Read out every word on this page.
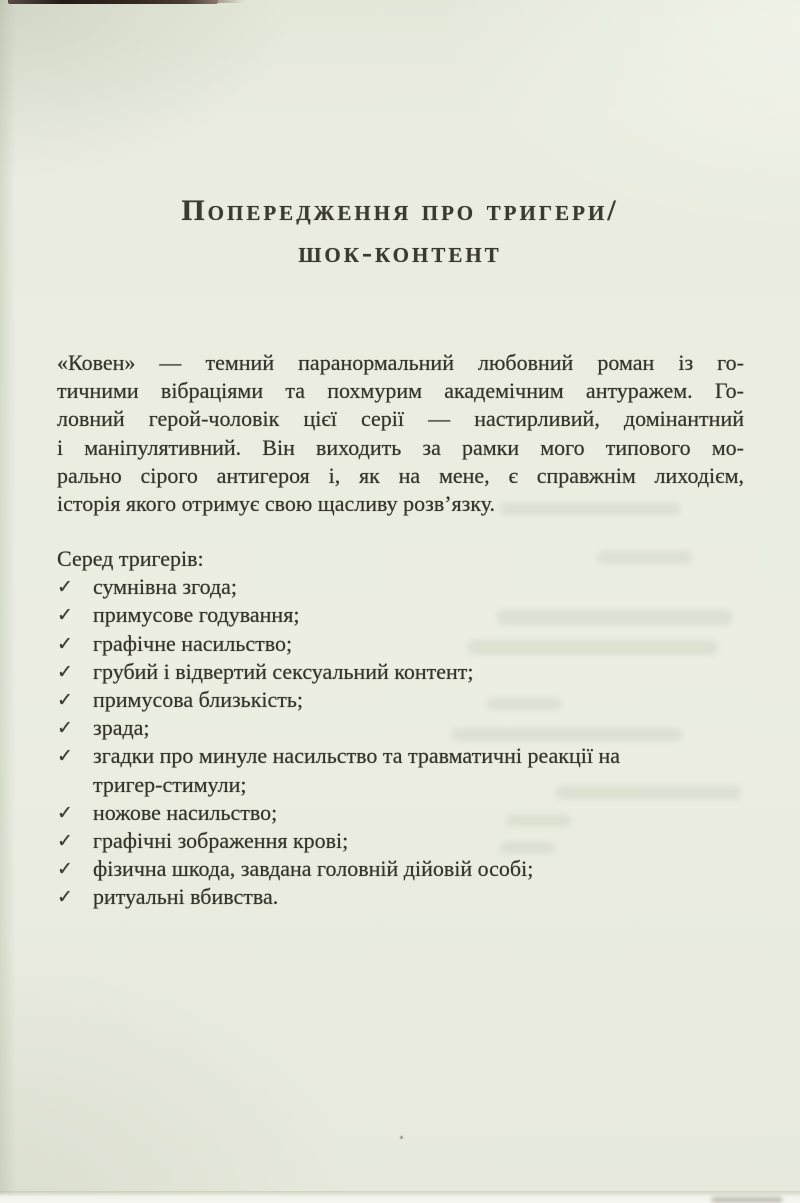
Попередження про тригери/
шок-контент
«Ковен» — темний паранормальний любовний роман із го-
тичними вібраціями та похмурим академічним антуражем. Го-
ловний герой-чоловік цієї серії — настирливий, домінантний
і маніпулятивний. Він виходить за рамки мого типового мо-
рально сірого антигероя і, як на мене, є справжнім лиходієм,
історія якого отримує свою щасливу розв’язку.
Серед тригерів:
✓ сумнівна згода;
✓ примусове годування;
✓ графічне насильство;
✓ грубий і відвертий сексуальний контент;
✓ примусова близькість;
✓ зрада;
✓ згадки про минуле насильство та травматичні реакції на
тригер-стимули;
✓ ножове насильство;
✓ графічні зображення крові;
✓ фізична шкода, завдана головній дійовій особі;
✓ ритуальні вбивства.
